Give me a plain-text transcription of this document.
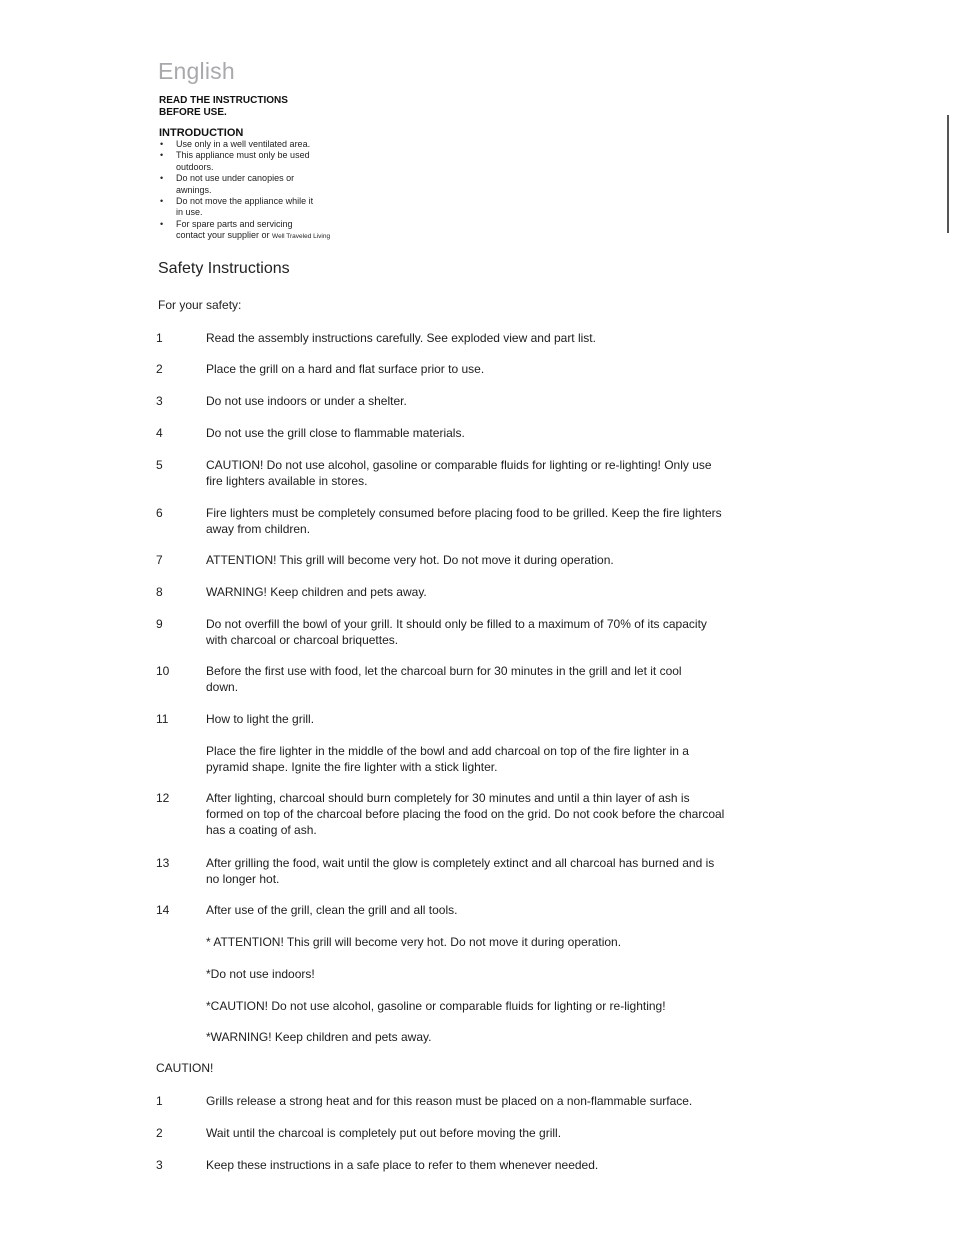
English
READ THE INSTRUCTIONS
BEFORE USE.
INTRODUCTION
• Use only in a well ventilated area.
• This appliance must only be used
outdoors.
• Do not use under canopies or
awnings.
• Do not move the appliance while it
in use.
• For spare parts and servicing
contact your supplier or Well Traveled Living
Safety Instructions
For your safety:
1	Read the assembly instructions carefully. See exploded view and part list.
2	Place the grill on a hard and flat surface prior to use.
3	Do not use indoors or under a shelter.
4	Do not use the grill close to flammable materials.
5	CAUTION! Do not use alcohol, gasoline or comparable fluids for lighting or re-lighting! Only use
fire lighters available in stores.
6	Fire lighters must be completely consumed before placing food to be grilled. Keep the fire lighters
away from children.
7	ATTENTION! This grill will become very hot. Do not move it during operation.
8	WARNING! Keep children and pets away.
9	Do not overfill the bowl of your grill. It should only be filled to a maximum of 70% of its capacity
with charcoal or charcoal briquettes.
10	Before the first use with food, let the charcoal burn for 30 minutes in the grill and let it cool
down.
11	How to light the grill.
Place the fire lighter in the middle of the bowl and add charcoal on top of the fire lighter in a
pyramid shape. Ignite the fire lighter with a stick lighter.
12	After lighting, charcoal should burn completely for 30 minutes and until a thin layer of ash is
formed on top of the charcoal before placing the food on the grid. Do not cook before the charcoal
has a coating of ash.
13	After grilling the food, wait until the glow is completely extinct and all charcoal has burned and is
no longer hot.
14	After use of the grill, clean the grill and all tools.
* ATTENTION! This grill will become very hot. Do not move it during operation.
*Do not use indoors!
*CAUTION! Do not use alcohol, gasoline or comparable fluids for lighting or re-lighting!
*WARNING! Keep children and pets away.
CAUTION!
1	Grills release a strong heat and for this reason must be placed on a non-flammable surface.
2	Wait until the charcoal is completely put out before moving the grill.
3	Keep these instructions in a safe place to refer to them whenever needed.
